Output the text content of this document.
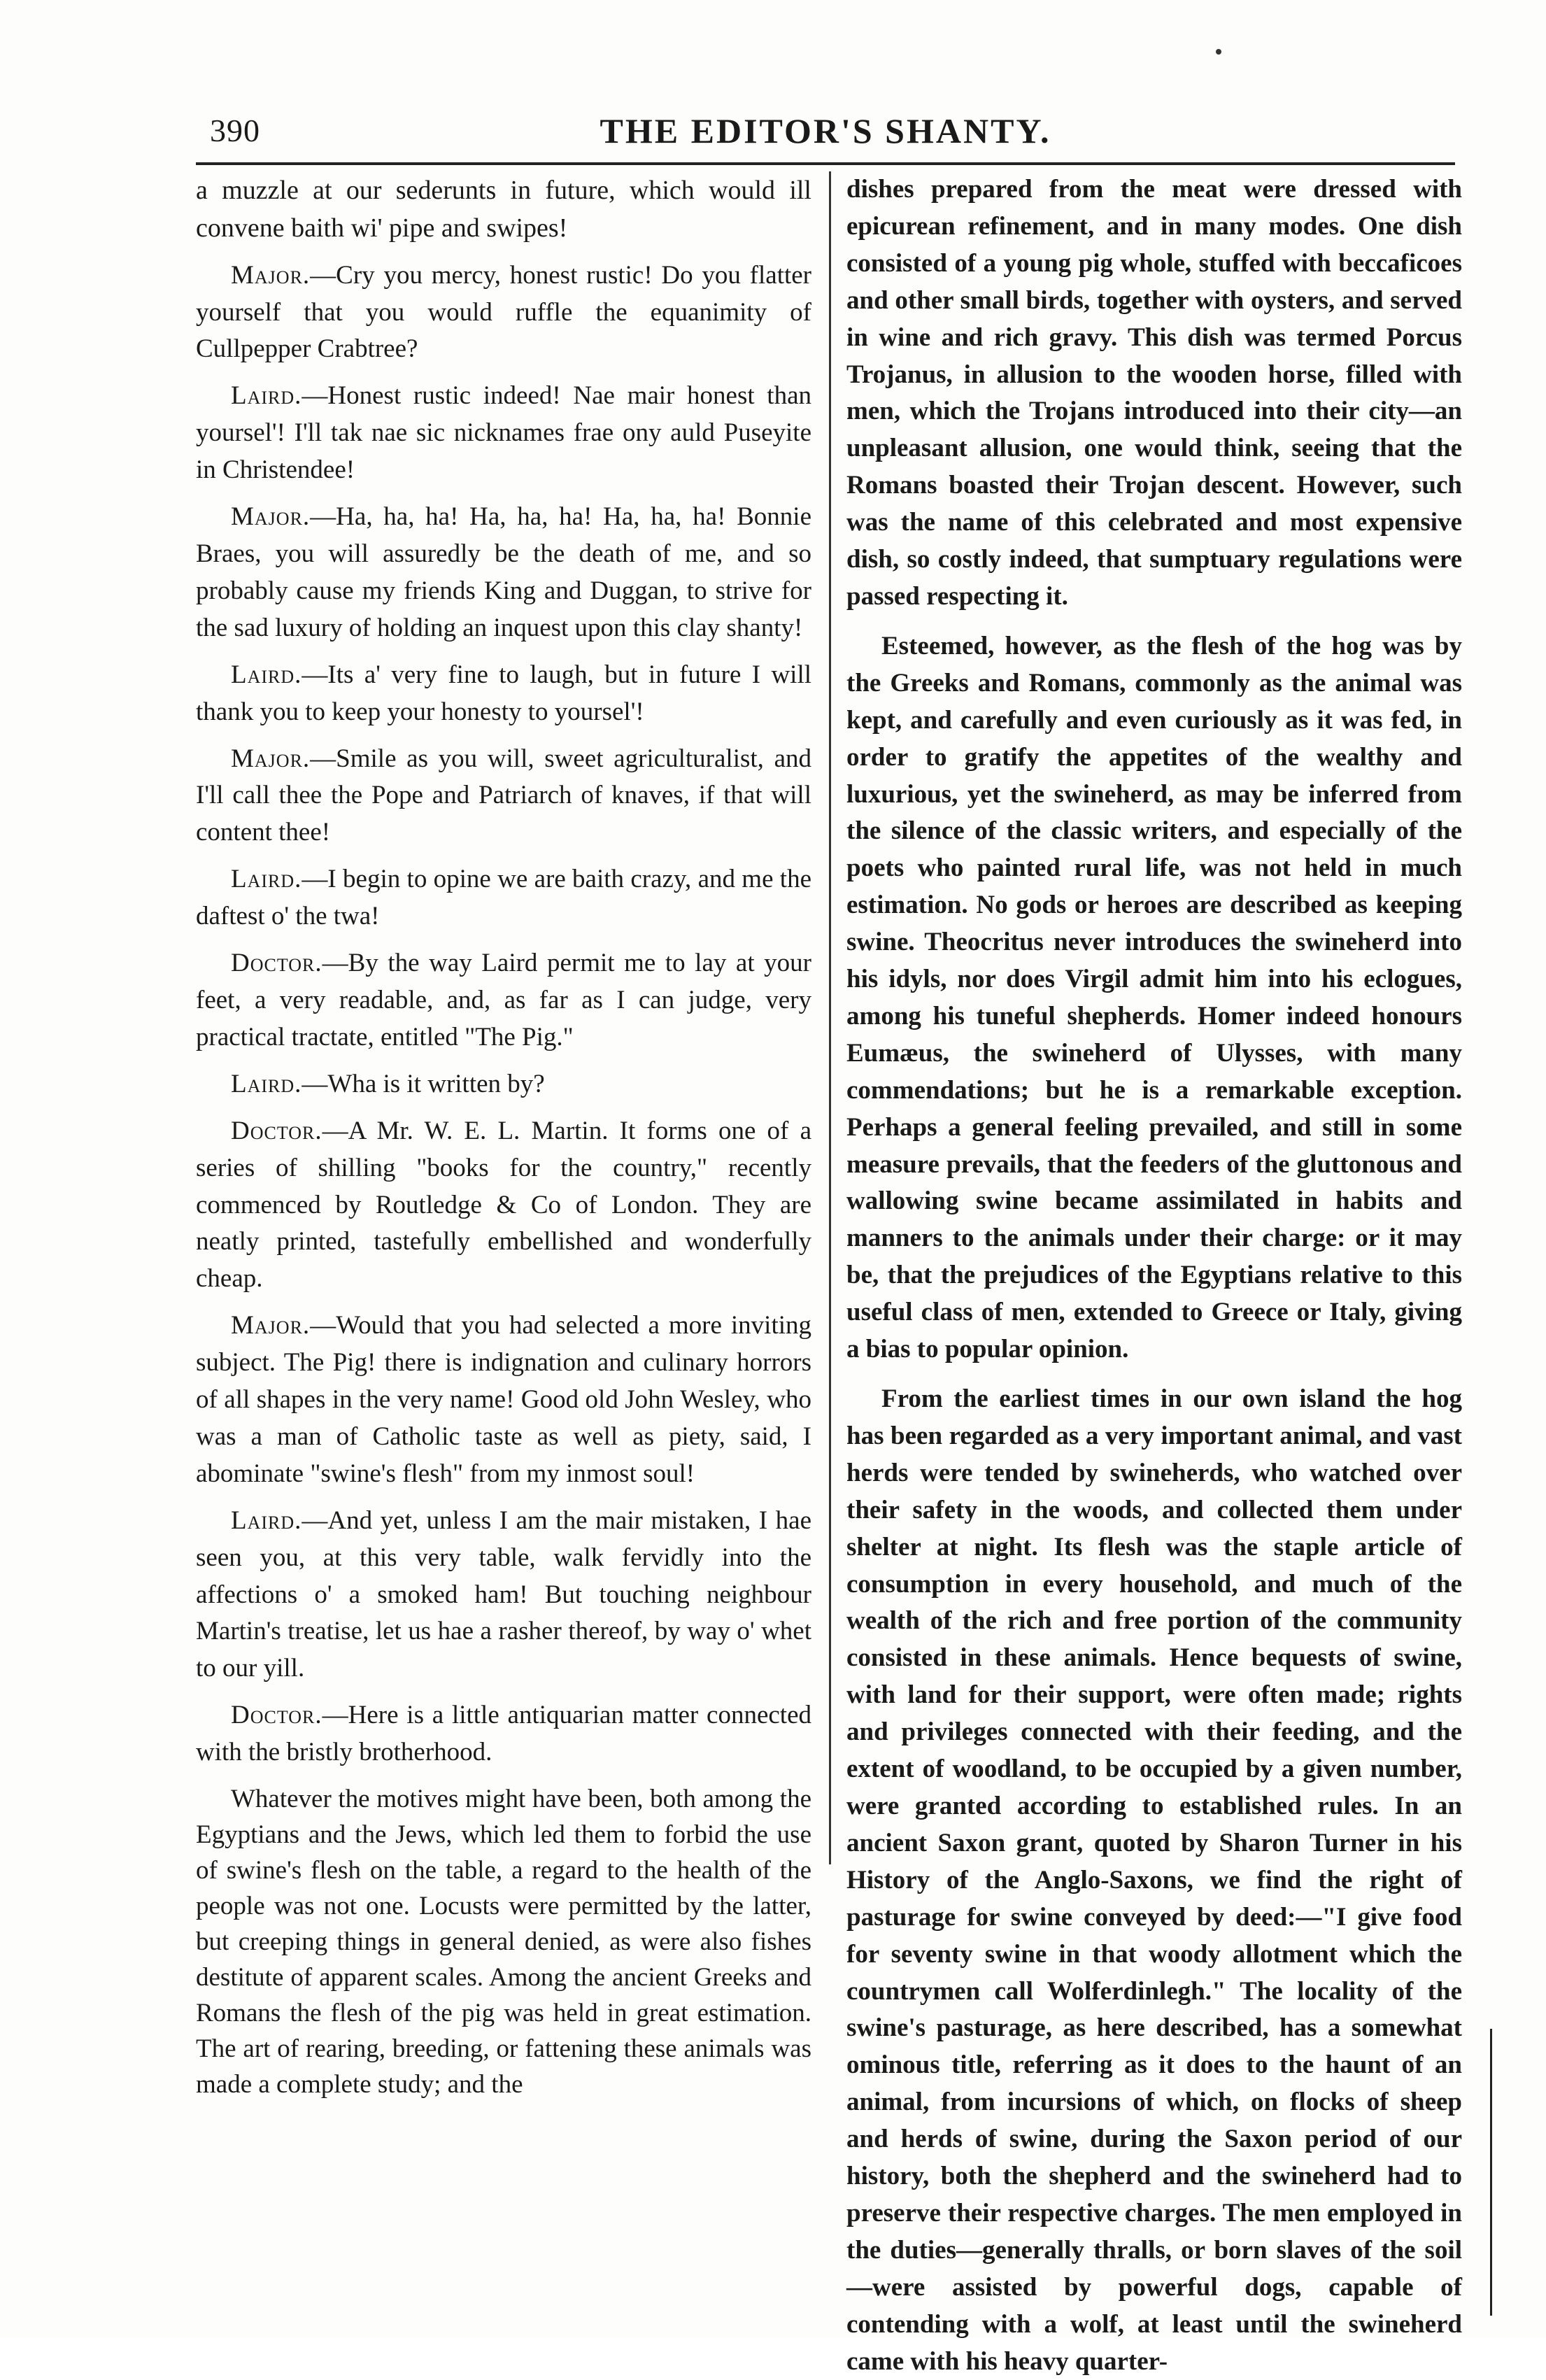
390	THE EDITOR'S SHANTY.

a muzzle at our sederunts in future, which would ill convene baith wi' pipe and swipes!

Major.—Cry you mercy, honest rustic! Do you flatter yourself that you would ruffle the equanimity of Cullpepper Crabtree?

Laird.—Honest rustic indeed! Nae mair honest than yoursel'! I'll tak nae sic nicknames frae ony auld Puseyite in Christendee!

Major.—Ha, ha, ha! Ha, ha, ha! Ha, ha, ha! Bonnie Braes, you will assuredly be the death of me, and so probably cause my friends King and Duggan, to strive for the sad luxury of holding an inquest upon this clay shanty!

Laird.—Its a' very fine to laugh, but in future I will thank you to keep your honesty to yoursel'!

Major.—Smile as you will, sweet agriculturalist, and I'll call thee the Pope and Patriarch of knaves, if that will content thee!

Laird.—I begin to opine we are baith crazy, and me the daftest o' the twa!

Doctor.—By the way Laird permit me to lay at your feet, a very readable, and, as far as I can judge, very practical tractate, entitled "The Pig."

Laird.—Wha is it written by?

Doctor.—A Mr. W. E. L. Martin. It forms one of a series of shilling "books for the country," recently commenced by Routledge & Co of London. They are neatly printed, tastefully embellished and wonderfully cheap.

Major.—Would that you had selected a more inviting subject. The Pig! there is indignation and culinary horrors of all shapes in the very name! Good old John Wesley, who was a man of Catholic taste as well as piety, said, I abominate "swine's flesh" from my inmost soul!

Laird.—And yet, unless I am the mair mistaken, I hae seen you, at this very table, walk fervidly into the affections o' a smoked ham! But touching neighbour Martin's treatise, let us hae a rasher thereof, by way o' whet to our yill.

Doctor.—Here is a little antiquarian matter connected with the bristly brotherhood.

Whatever the motives might have been, both among the Egyptians and the Jews, which led them to forbid the use of swine's flesh on the table, a regard to the health of the people was not one. Locusts were permitted by the latter, but creeping things in general denied, as were also fishes destitute of apparent scales. Among the ancient Greeks and Romans the flesh of the pig was held in great estimation. The art of rearing, breeding, or fattening these animals was made a complete study; and the

dishes prepared from the meat were dressed with epicurean refinement, and in many modes. One dish consisted of a young pig whole, stuffed with beccaficoes and other small birds, together with oysters, and served in wine and rich gravy. This dish was termed Porcus Trojanus, in allusion to the wooden horse, filled with men, which the Trojans introduced into their city—an unpleasant allusion, one would think, seeing that the Romans boasted their Trojan descent. However, such was the name of this celebrated and most expensive dish, so costly indeed, that sumptuary regulations were passed respecting it.

Esteemed, however, as the flesh of the hog was by the Greeks and Romans, commonly as the animal was kept, and carefully and even curiously as it was fed, in order to gratify the appetites of the wealthy and luxurious, yet the swineherd, as may be inferred from the silence of the classic writers, and especially of the poets who painted rural life, was not held in much estimation. No gods or heroes are described as keeping swine. Theocritus never introduces the swineherd into his idyls, nor does Virgil admit him into his eclogues, among his tuneful shepherds. Homer indeed honours Eumæus, the swineherd of Ulysses, with many commendations; but he is a remarkable exception. Perhaps a general feeling prevailed, and still in some measure prevails, that the feeders of the gluttonous and wallowing swine became assimilated in habits and manners to the animals under their charge: or it may be, that the prejudices of the Egyptians relative to this useful class of men, extended to Greece or Italy, giving a bias to popular opinion.

From the earliest times in our own island the hog has been regarded as a very important animal, and vast herds were tended by swineherds, who watched over their safety in the woods, and collected them under shelter at night. Its flesh was the staple article of consumption in every household, and much of the wealth of the rich and free portion of the community consisted in these animals. Hence bequests of swine, with land for their support, were often made; rights and privileges connected with their feeding, and the extent of woodland, to be occupied by a given number, were granted according to established rules. In an ancient Saxon grant, quoted by Sharon Turner in his History of the Anglo-Saxons, we find the right of pasturage for swine conveyed by deed:—"I give food for seventy swine in that woody allotment which the countrymen call Wolferdinlegh." The locality of the swine's pasturage, as here described, has a somewhat ominous title, referring as it does to the haunt of an animal, from incursions of which, on flocks of sheep and herds of swine, during the Saxon period of our history, both the shepherd and the swineherd had to preserve their respective charges. The men employed in the duties—generally thralls, or born slaves of the soil—were assisted by powerful dogs, capable of contending with a wolf, at least until the swineherd came with his heavy quarter-
